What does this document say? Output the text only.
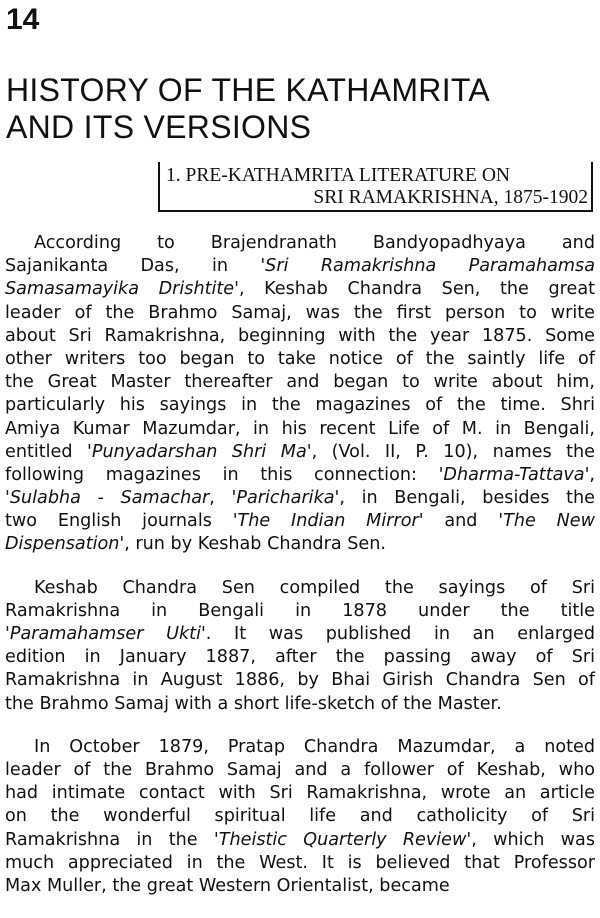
14
HISTORY OF THE KATHAMRITA
AND ITS VERSIONS
1. PRE-KATHAMRITA LITERATURE ON
SRI RAMAKRISHNA, 1875-1902
According to Brajendranath Bandyopadhyaya and
Sajanikanta Das, in 'Sri Ramakrishna Paramahamsa
Samasamayika Drishtite', Keshab Chandra Sen, the great
leader of the Brahmo Samaj, was the first person to write
about Sri Ramakrishna, beginning with the year 1875. Some
other writers too began to take notice of the saintly life of
the Great Master thereafter and began to write about him,
particularly his sayings in the magazines of the time. Shri
Amiya Kumar Mazumdar, in his recent Life of M. in Bengali,
entitled 'Punyadarshan Shri Ma', (Vol. II, P. 10), names the
following magazines in this connection: 'Dharma-Tattava',
'Sulabha - Samachar, 'Paricharika', in Bengali, besides the
two English journals 'The Indian Mirror' and 'The New
Dispensation', run by Keshab Chandra Sen.
Keshab Chandra Sen compiled the sayings of Sri
Ramakrishna in Bengali in 1878 under the title
'Paramahamser Ukti'. It was published in an enlarged
edition in January 1887, after the passing away of Sri
Ramakrishna in August 1886, by Bhai Girish Chandra Sen of
the Brahmo Samaj with a short life-sketch of the Master.
In October 1879, Pratap Chandra Mazumdar, a noted
leader of the Brahmo Samaj and a follower of Keshab, who
had intimate contact with Sri Ramakrishna, wrote an article
on the wonderful spiritual life and catholicity of Sri
Ramakrishna in the 'Theistic Quarterly Review', which was
much appreciated in the West. It is believed that Professor
Max Muller, the great Western Orientalist, became
